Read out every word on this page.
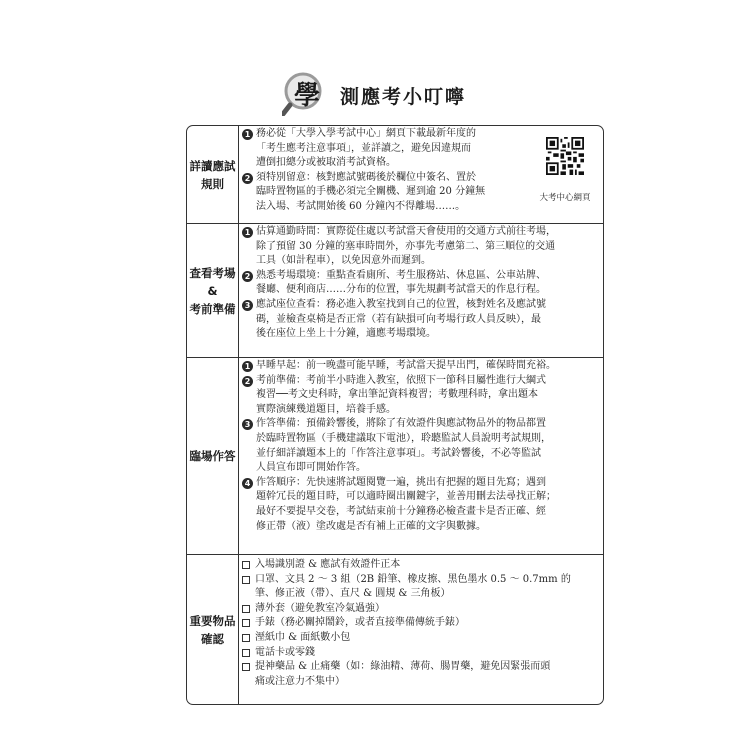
學 測應考小叮嚀
詳讀應試
規則
1 務必從「大學入學考試中心」網頁下載最新年度的
「考生應考注意事項」，並詳讀之，避免因違規而
遭倒扣總分或被取消考試資格。
2 須特別留意：核對應試號碼後於欄位中簽名、置於
臨時置物區的手機必須完全關機、遲到逾 20 分鐘無
法入場、考試開始後 60 分鐘內不得離場……。
大考中心網頁
查看考場
&
考前準備
1 估算通勤時間：實際從住處以考試當天會使用的交通方式前往考場，
除了預留 30 分鐘的塞車時間外，亦事先考慮第二、第三順位的交通
工具（如計程車），以免因意外而遲到。
2 熟悉考場環境：重點查看廁所、考生服務站、休息區、公車站牌、
餐廳、便利商店……分布的位置，事先規劃考試當天的作息行程。
3 應試座位查看：務必進入教室找到自己的位置，核對姓名及應試號
碼，並檢查桌椅是否正常（若有缺損可向考場行政人員反映），最
後在座位上坐上十分鐘，適應考場環境。
臨場作答
1 早睡早起：前一晚盡可能早睡，考試當天提早出門，確保時間充裕。
2 考前準備：考前半小時進入教室，依照下一節科目屬性進行大綱式
複習──考文史科時，拿出筆記資料複習；考數理科時，拿出題本
實際演練幾道題目，培養手感。
3 作答準備：預備鈴響後，將除了有效證件與應試物品外的物品都置
於臨時置物區（手機建議取下電池），聆聽監試人員說明考試規則，
並仔細詳讀題本上的「作答注意事項」。考試鈴響後，不必等監試
人員宣布即可開始作答。
4 作答順序：先快速將試題閱覽一遍，挑出有把握的題目先寫；遇到
題幹冗長的題目時，可以適時圈出關鍵字，並善用刪去法尋找正解；
最好不要提早交卷，考試結束前十分鐘務必檢查畫卡是否正確、經
修正帶（液）塗改處是否有補上正確的文字與數據。
重要物品
確認
入場識別證 & 應試有效證件正本
口罩、文具 2 ～ 3 組（2B 鉛筆、橡皮擦、黑色墨水 0.5 ～ 0.7mm 的
筆、修正液（帶）、直尺 & 圓規 & 三角板）
薄外套（避免教室冷氣過強）
手錶（務必關掉鬧鈴，或者直接準備傳統手錶）
溼紙巾 & 面紙數小包
電話卡或零錢
提神藥品 & 止痛藥（如：綠油精、薄荷、腸胃藥，避免因緊張而頭
痛或注意力不集中）
